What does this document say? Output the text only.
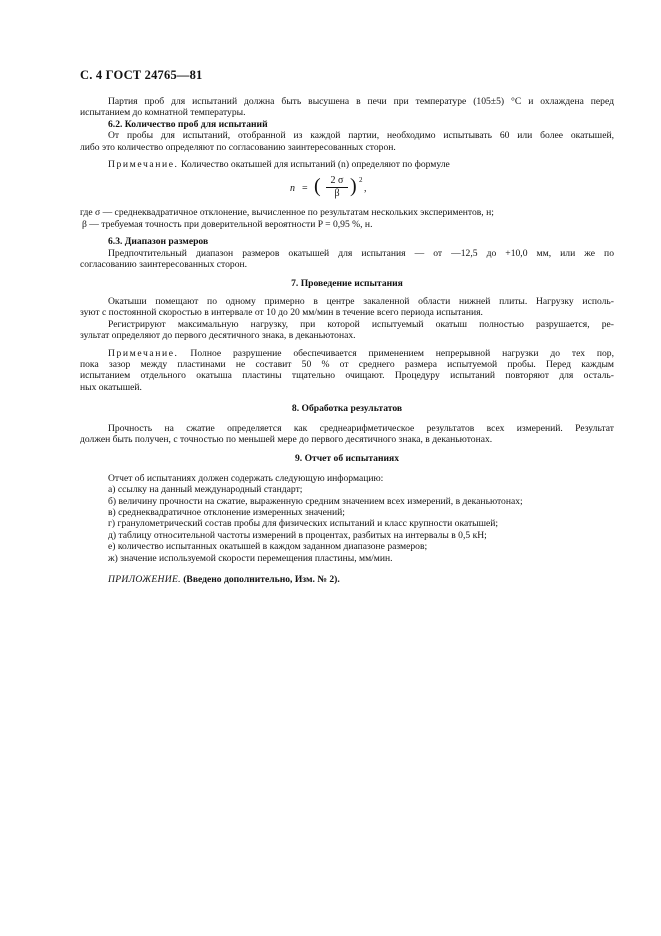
С. 4 ГОСТ 24765—81
Партия проб для испытаний должна быть высушена в печи при температуре (105±5) °С и охлаждена перед
испытанием до комнатной температуры.
6.2. Количество проб для испытаний
От пробы для испытаний, отобранной из каждой партии, необходимо испытывать 60 или более окатышей,
либо это количество определяют по согласованию заинтересованных сторон.
Примечание. Количество окатышей для испытаний (n) определяют по формуле
n = ( 2 σ
β ) 2
,
где σ — среднеквадратичное отклонение, вычисленное по результатам нескольких экспериментов, н;
β — требуемая точность при доверительной вероятности P = 0,95 %, н.
6.3. Диапазон размеров
Предпочтительный диапазон размеров окатышей для испытания — от —12,5 до +10,0 мм, или же по
согласованию заинтересованных сторон.
7. Проведение испытания
Окатыши помещают по одному примерно в центре закаленной области нижней плиты. Нагрузку исполь-
зуют с постоянной скоростью в интервале от 10 до 20 мм/мин в течение всего периода испытания.
Регистрируют максимальную нагрузку, при которой испытуемый окатыш полностью разрушается, ре-
зультат определяют до первого десятичного знака, в деканьютонах.
Примечание. Полное разрушение обеспечивается применением непрерывной нагрузки до тех пор,
пока зазор между пластинами не составит 50 % от среднего размера испытуемой пробы. Перед каждым
испытанием отдельного окатыша пластины тщательно очищают. Процедуру испытаний повторяют для осталь-
ных окатышей.
8. Обработка результатов
Прочность на сжатие определяется как среднеарифметическое результатов всех измерений. Результат
должен быть получен, с точностью по меньшей мере до первого десятичного знака, в деканьютонах.
9. Отчет об испытаниях
Отчет об испытаниях должен содержать следующую информацию:
а) ссылку на данный международный стандарт;
б) величину прочности на сжатие, выраженную средним значением всех измерений, в деканьютонах;
в) среднеквадратичное отклонение измеренных значений;
г) гранулометрический состав пробы для физических испытаний и класс крупности окатышей;
д) таблицу относительной частоты измерений в процентах, разбитых на интервалы в 0,5 кН;
е) количество испытанных окатышей в каждом заданном диапазоне размеров;
ж) значение используемой скорости перемещения пластины, мм/мин.
ПРИЛОЖЕНИЕ. (Введено дополнительно, Изм. № 2).
